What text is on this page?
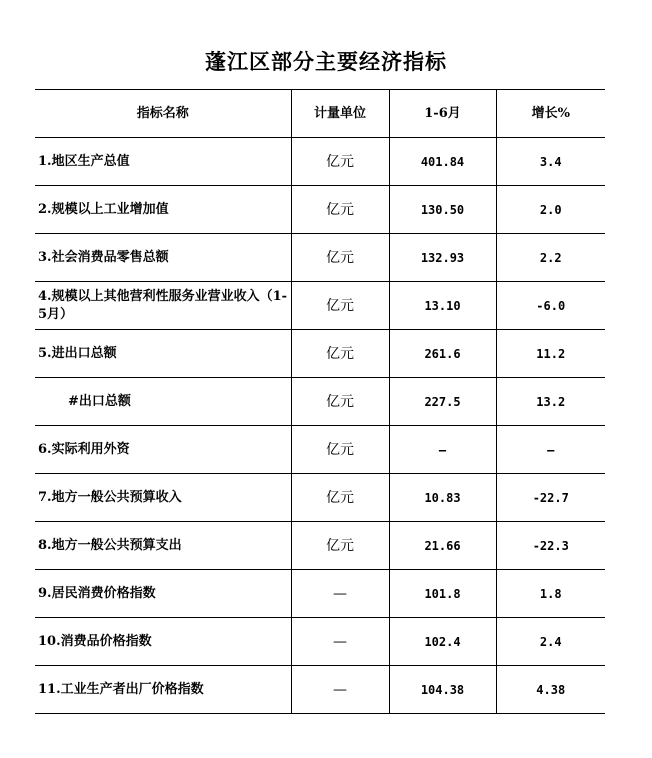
蓬江区部分主要经济指标
指标名称	计量单位	1-6月	增长%
1.地区生产总值	亿元	401.84	3.4
2.规模以上工业增加值	亿元	130.50	2.0
3.社会消费品零售总额	亿元	132.93	2.2
4.规模以上其他营利性服务业营业收入（1-5月）	亿元	13.10	-6.0
5.进出口总额	亿元	261.6	11.2
#出口总额	亿元	227.5	13.2
6.实际利用外资	亿元	—	—
7.地方一般公共预算收入	亿元	10.83	-22.7
8.地方一般公共预算支出	亿元	21.66	-22.3
9.居民消费价格指数	—	101.8	1.8
10.消费品价格指数	—	102.4	2.4
11.工业生产者出厂价格指数	—	104.38	4.38
